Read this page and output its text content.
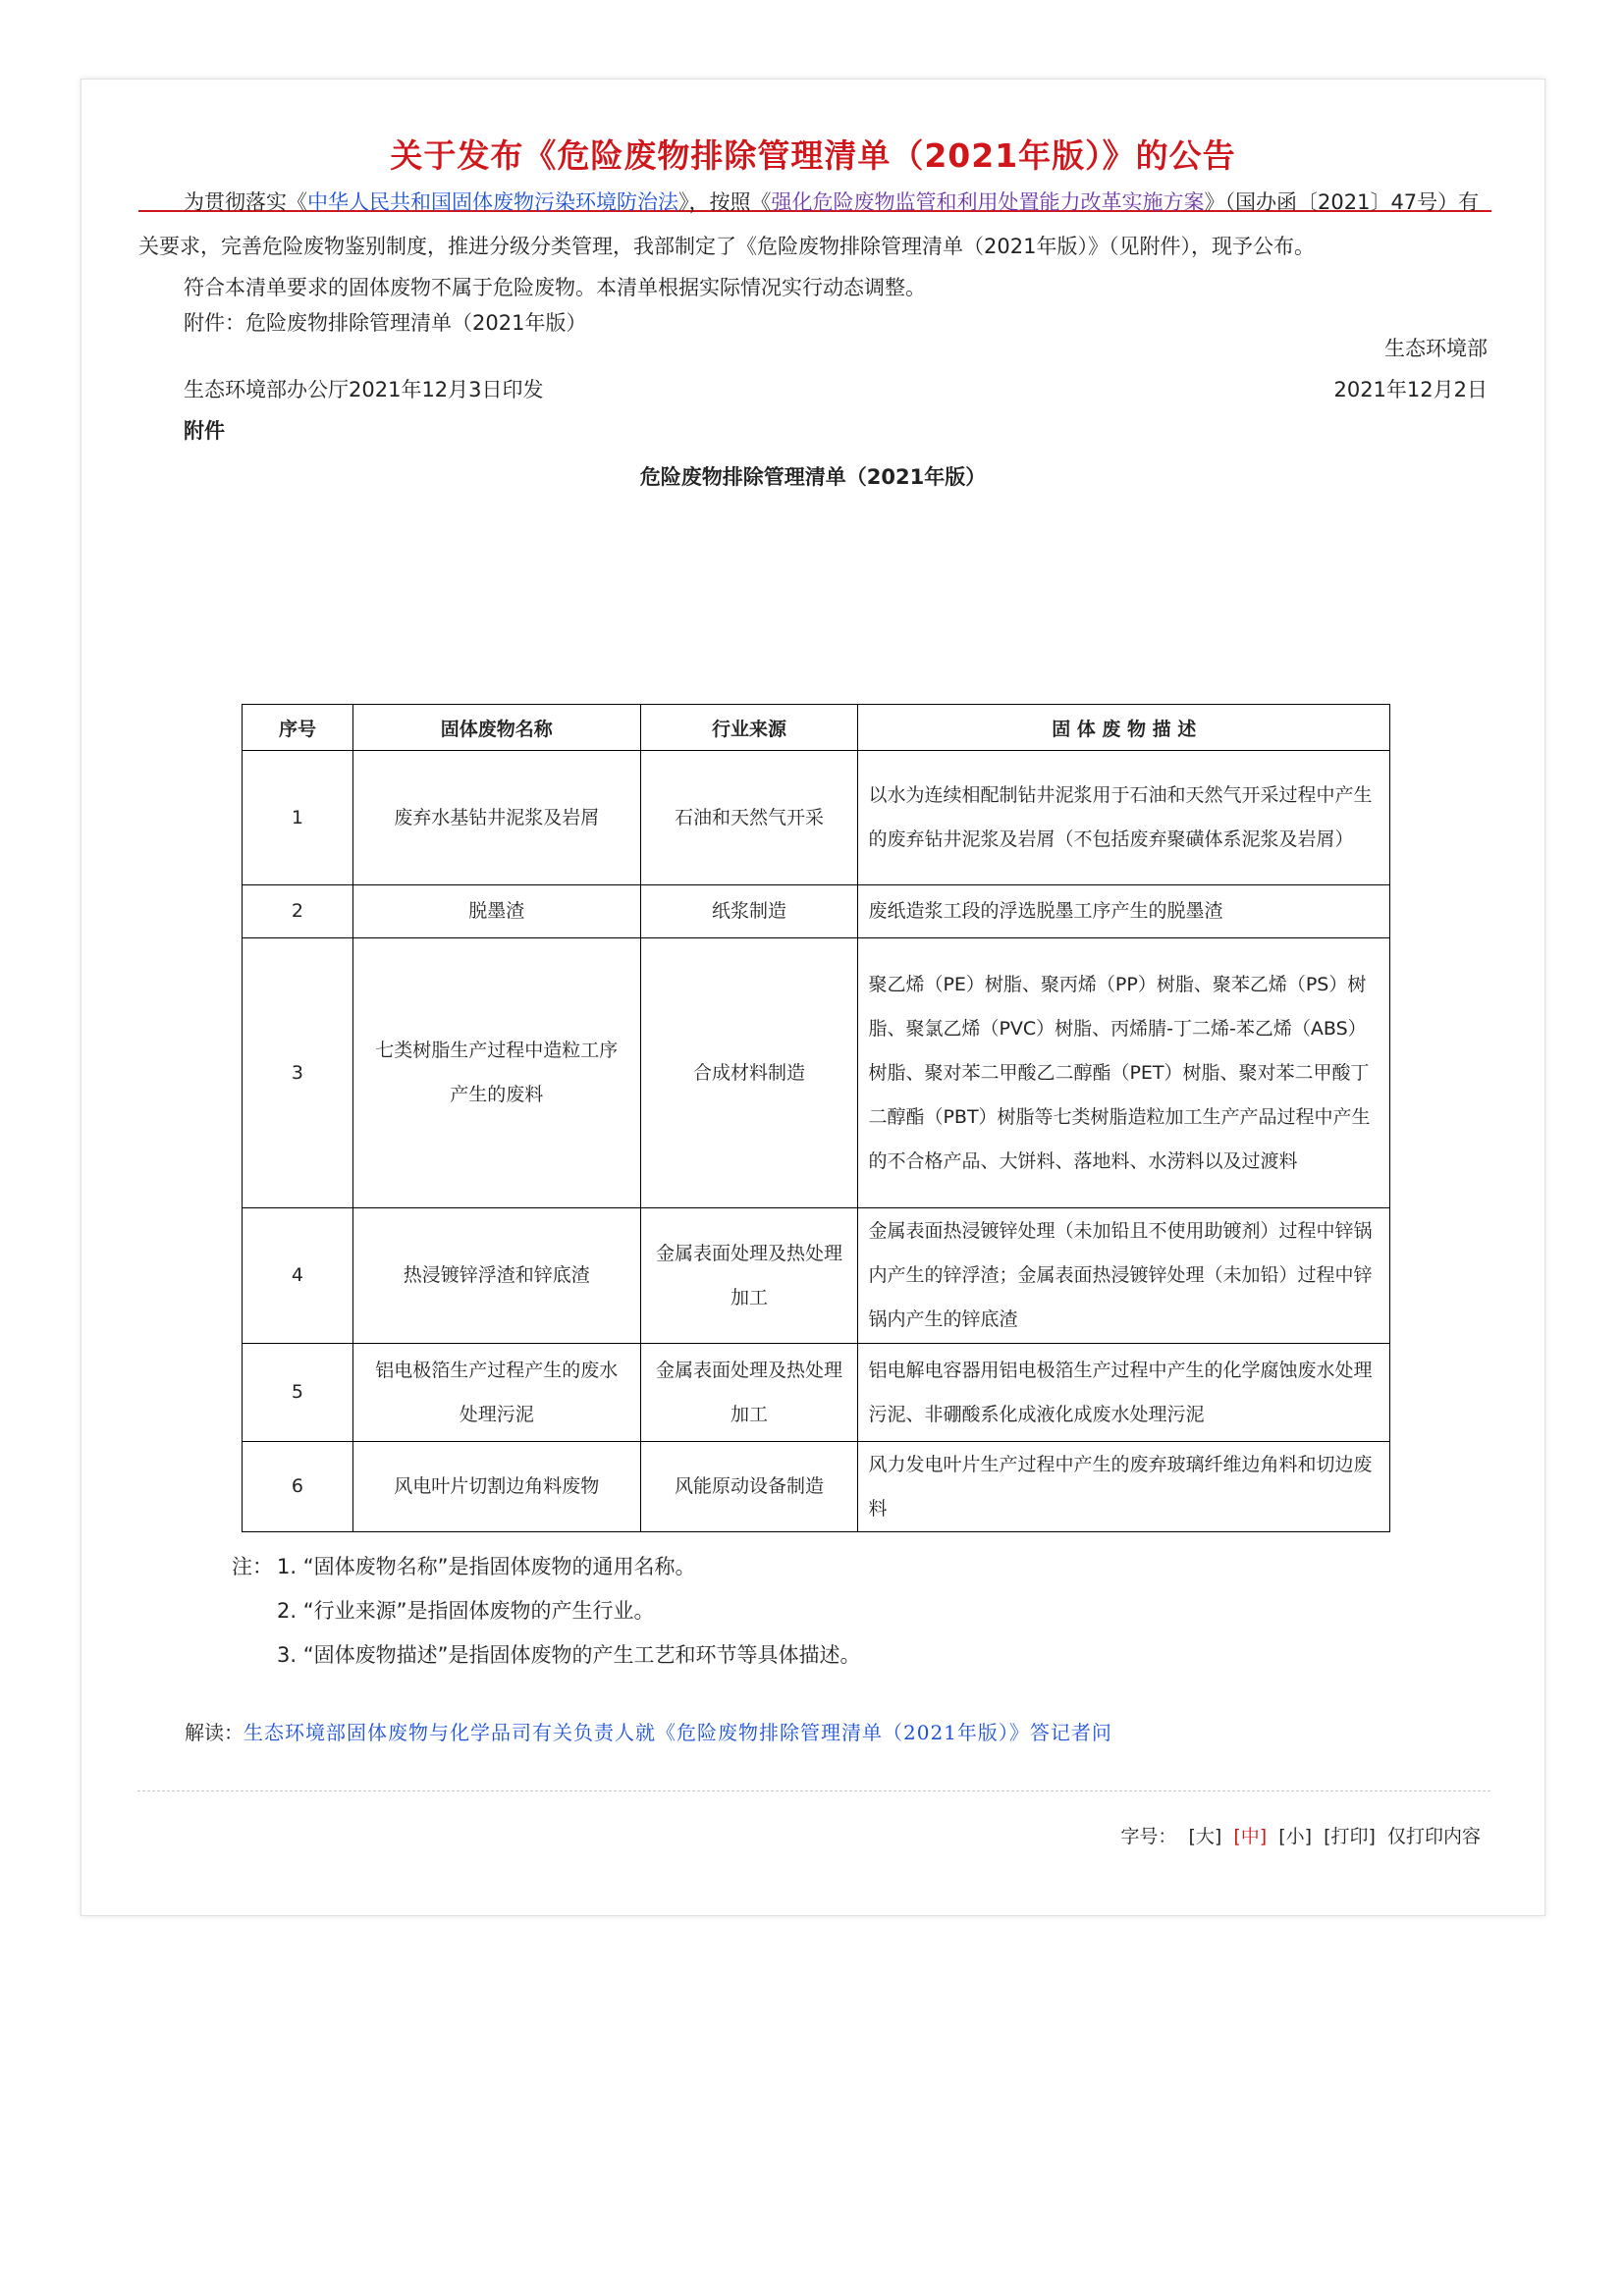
关于发布《危险废物排除管理清单（2021年版）》的公告
为贯彻落实《中华人民共和国固体废物污染环境防治法》，按照《强化危险废物监管和利用处置能力改革实施方案》（国办函〔2021〕47号）有关要求，完善危险废物鉴别制度，推进分级分类管理，我部制定了《危险废物排除管理清单（2021年版）》（见附件），现予公布。
符合本清单要求的固体废物不属于危险废物。本清单根据实际情况实行动态调整。
附件：危险废物排除管理清单（2021年版）
生态环境部
2021年12月2日
生态环境部办公厅2021年12月3日印发
附件
危险废物排除管理清单（2021年版）
序号	固体废物名称	行业来源	固 体 废 物 描 述
1	废弃水基钻井泥浆及岩屑	石油和天然气开采	以水为连续相配制钻井泥浆用于石油和天然气开采过程中产生的废弃钻井泥浆及岩屑（不包括废弃聚磺体系泥浆及岩屑）
2	脱墨渣	纸浆制造	废纸造浆工段的浮选脱墨工序产生的脱墨渣
3	七类树脂生产过程中造粒工序产生的废料	合成材料制造	聚乙烯（PE）树脂、聚丙烯（PP）树脂、聚苯乙烯（PS）树脂、聚氯乙烯（PVC）树脂、丙烯腈-丁二烯-苯乙烯（ABS）树脂、聚对苯二甲酸乙二醇酯（PET）树脂、聚对苯二甲酸丁二醇酯（PBT）树脂等七类树脂造粒加工生产产品过程中产生的不合格产品、大饼料、落地料、水涝料以及过渡料
4	热浸镀锌浮渣和锌底渣	金属表面处理及热处理加工	金属表面热浸镀锌处理（未加铅且不使用助镀剂）过程中锌锅内产生的锌浮渣；金属表面热浸镀锌处理（未加铅）过程中锌锅内产生的锌底渣
5	铝电极箔生产过程产生的废水处理污泥	金属表面处理及热处理加工	铝电解电容器用铝电极箔生产过程中产生的化学腐蚀废水处理污泥、非硼酸系化成液化成废水处理污泥
6	风电叶片切割边角料废物	风能原动设备制造	风力发电叶片生产过程中产生的废弃玻璃纤维边角料和切边废料
注： 1. “固体废物名称”是指固体废物的通用名称。
2. “行业来源”是指固体废物的产生行业。
3. “固体废物描述”是指固体废物的产生工艺和环节等具体描述。
解读：生态环境部固体废物与化学品司有关负责人就《危险废物排除管理清单（2021年版）》答记者问
字号： [大] [中] [小] [打印] 仅打印内容
